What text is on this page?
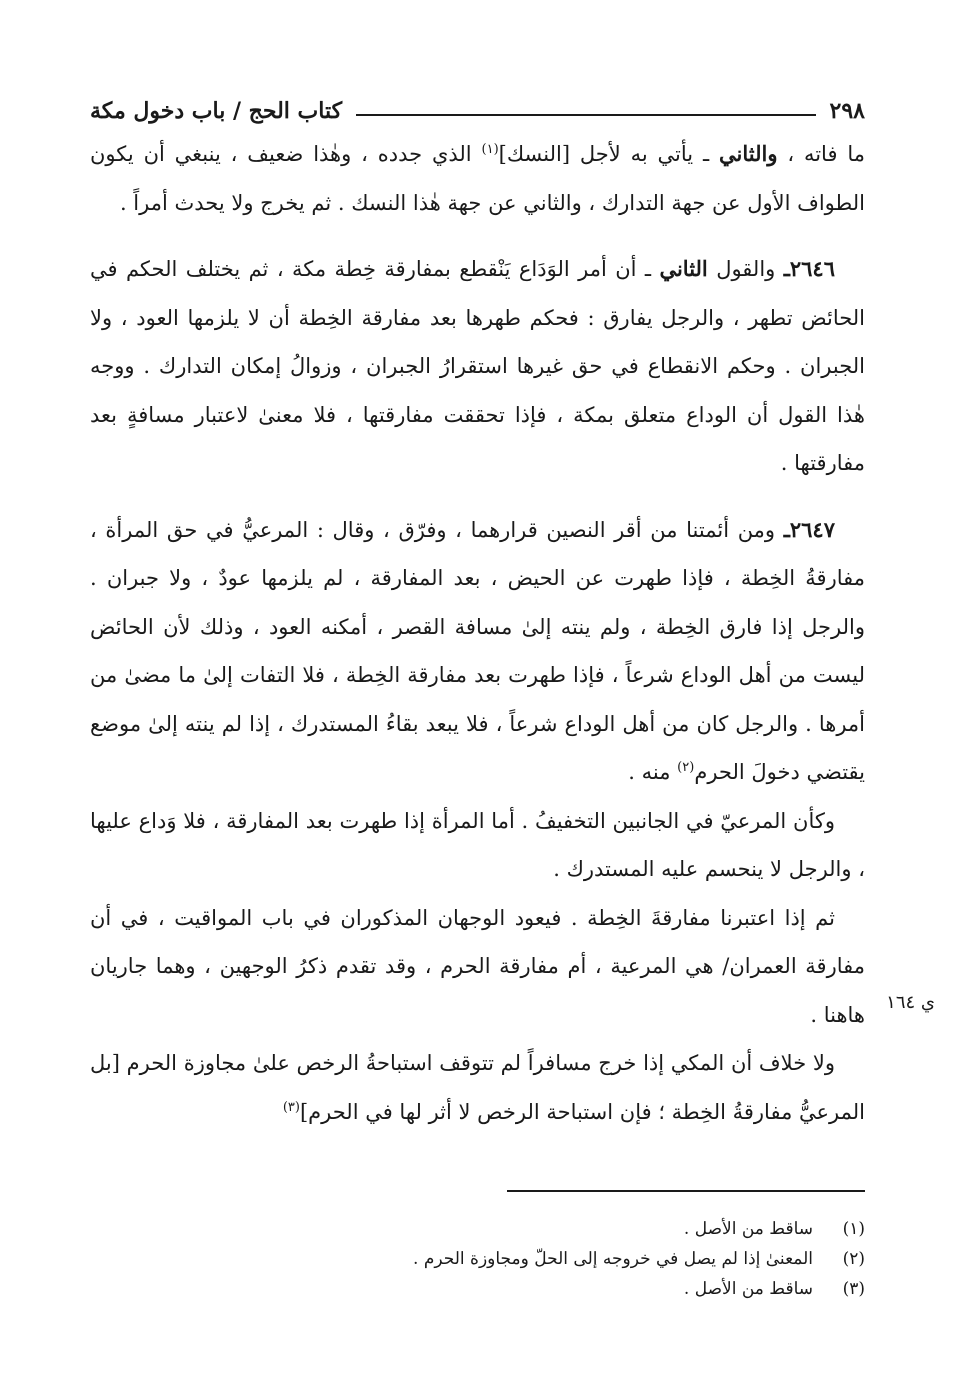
٢٩٨
كتاب الحج / باب دخول مكة

ما فاته ، والثاني ـ يأتي به لأجل [النسك]$^{(١)}$ الذي جدده ، وهٰذا ضعيف ، ينبغي أن يكون الطواف الأول عن جهة التدارك ، والثاني عن جهة هٰذا النسك . ثم يخرج ولا يحدث أمراً .

٢٦٤٦ـ والقول الثاني ـ أن أمر الوَدَاع يَنْقطع بمفارقة خِطة مكة ، ثم يختلف الحكم في الحائض تطهر ، والرجل يفارق : فحكم طهرها بعد مفارقة الخِطة أن لا يلزمها العود ، ولا الجبران . وحكم الانقطاع في حق غيرها استقرارُ الجبران ، وزوالُ إمكان التدارك . ووجه هٰذا القول أن الوداع متعلق بمكة ، فإذا تحققت مفارقتها ، فلا معنىٰ لاعتبار مسافةٍ بعد مفارقتها .

٢٦٤٧ـ ومن أئمتنا من أقر النصين قرارهما ، وفرّق ، وقال : المرعيُّ في حق المرأة ، مفارقةُ الخِطة ، فإذا طهرت عن الحيض ، بعد المفارقة ، لم يلزمها عودٌ ، ولا جبران . والرجل إذا فارق الخِطة ، ولم ينته إلىٰ مسافة القصر ، أمكنه العود ، وذلك لأن الحائض ليست من أهل الوداع شرعاً ، فإذا طهرت بعد مفارقة الخِطة ، فلا التفات إلىٰ ما مضىٰ من أمرها . والرجل كان من أهل الوداع شرعاً ، فلا يبعد بقاءُ المستدرك ، إذا لم ينته إلىٰ موضع يقتضي دخولَ الحرم$^{(٢)}$ منه .

وكأن المرعيّ في الجانبين التخفيفُ . أما المرأة إذا طهرت بعد المفارقة ، فلا وَداع عليها ، والرجل لا ينحسم عليه المستدرك .

ثم إذا اعتبرنا مفارقةَ الخِطة . فيعود الوجهان المذكوران في باب المواقيت ، في أن مفارقة العمران/ هي المرعية ، أم مفارقة الحرم ، وقد تقدم ذكرُ الوجهين ، وهما جاريان هاهنا .

ولا خلاف أن المكي إذا خرج مسافراً لم تتوقف استباحةُ الرخص علىٰ مجاوزة الحرم [بل المرعيُّ مفارقةُ الخِطة ؛ فإن استباحة الرخص لا أثر لها في الحرم]$^{(٣)}$

ي ١٦٤
(١)
ساقط من الأصل .
(٢)
المعنىٰ إذا لم يصل في خروجه إلى الحلّ ومجاوزة الحرم .
(٣)
ساقط من الأصل .
